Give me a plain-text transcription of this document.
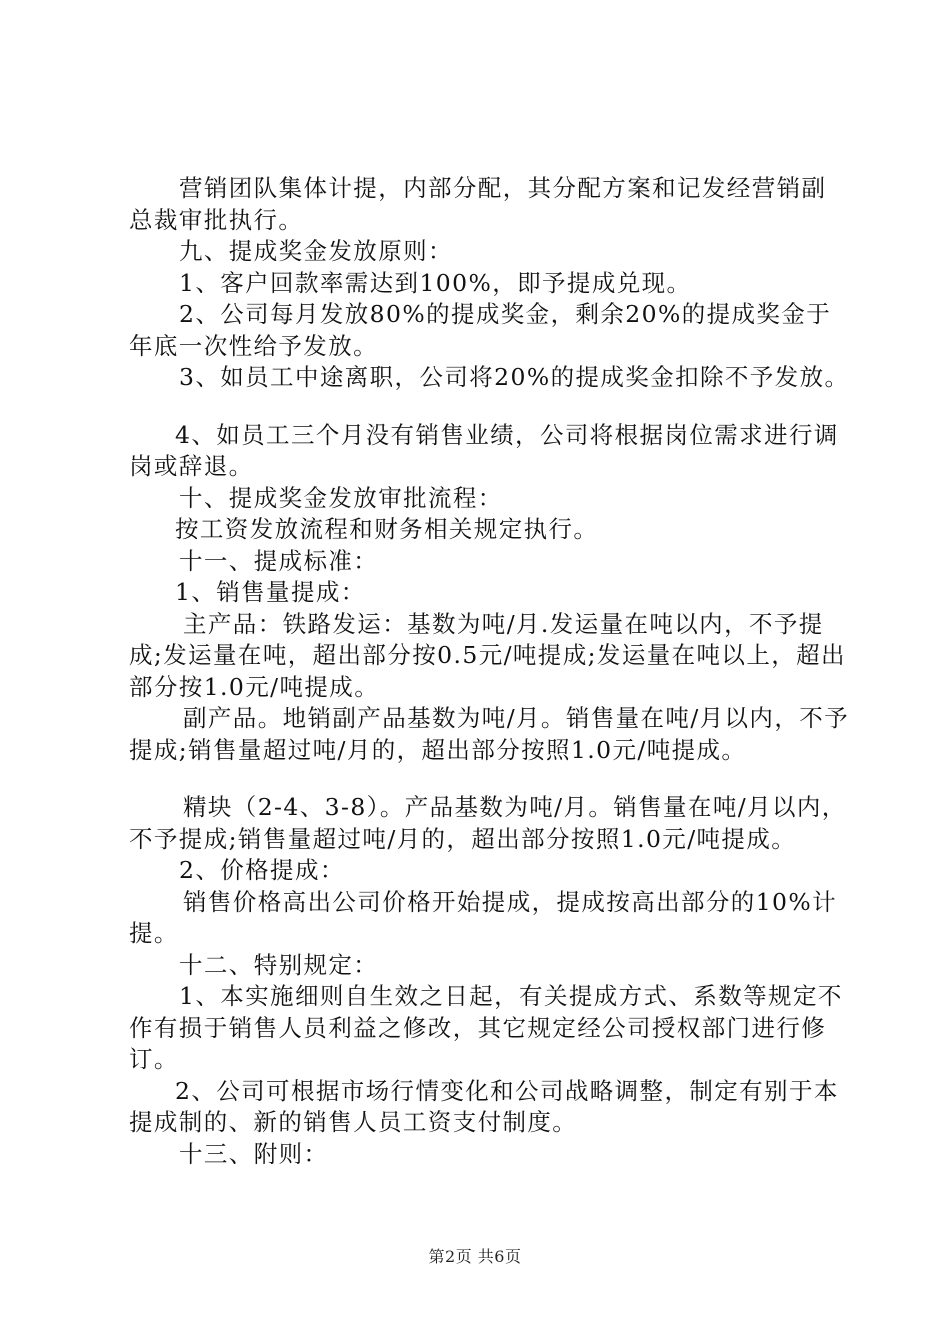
营销团队集体计提，内部分配，其分配方案和记发经营销副总裁审批执行。

九、提成奖金发放原则：

1、客户回款率需达到100%，即予提成兑现。

2、公司每月发放80%的提成奖金，剩余20%的提成奖金于年底一次性给予发放。

3、如员工中途离职，公司将20%的提成奖金扣除不予发放。

4、如员工三个月没有销售业绩，公司将根据岗位需求进行调岗或辞退。

十、提成奖金发放审批流程：

按工资发放流程和财务相关规定执行。

十一、提成标准：

1、销售量提成：

主产品：铁路发运：基数为吨/月.发运量在吨以内，不予提成;发运量在吨，超出部分按0.5元/吨提成;发运量在吨以上，超出部分按1.0元/吨提成。

副产品。地销副产品基数为吨/月。销售量在吨/月以内，不予提成;销售量超过吨/月的，超出部分按照1.0元/吨提成。

精块（2-4、3-8）。产品基数为吨/月。销售量在吨/月以内，不予提成;销售量超过吨/月的，超出部分按照1.0元/吨提成。

2、价格提成：

销售价格高出公司价格开始提成，提成按高出部分的10%计提。

十二、特别规定：

1、本实施细则自生效之日起，有关提成方式、系数等规定不作有损于销售人员利益之修改，其它规定经公司授权部门进行修订。

2、公司可根据市场行情变化和公司战略调整，制定有别于本提成制的、新的销售人员工资支付制度。

十三、附则：

第2页 共6页
